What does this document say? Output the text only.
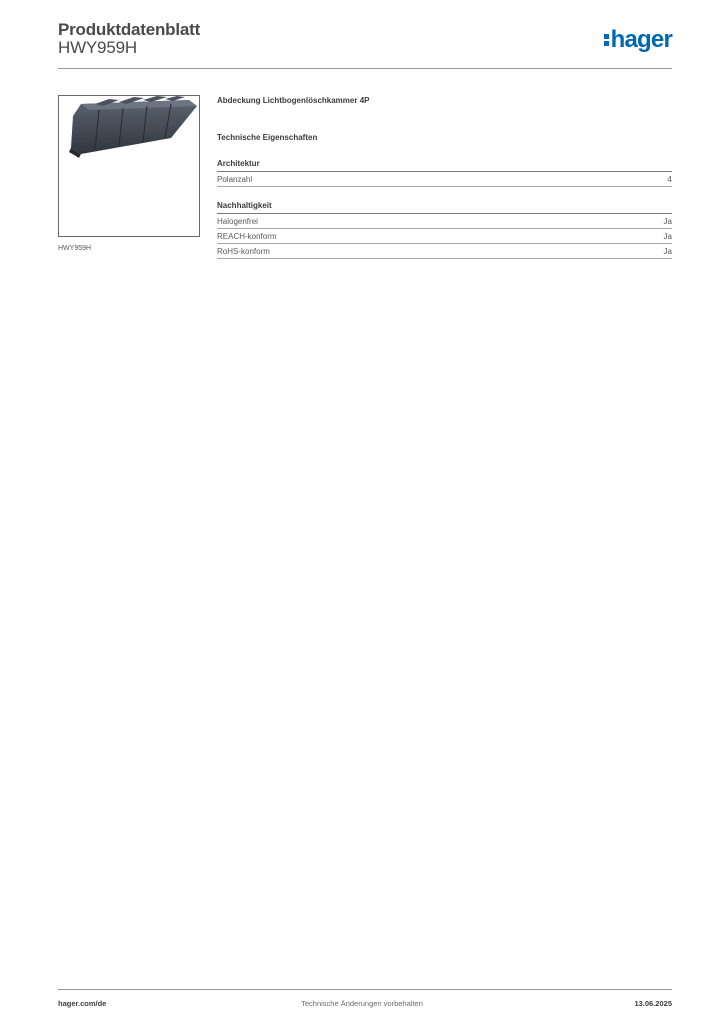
Produktdatenblatt
HWY959H	hager
HWY959H
Abdeckung Lichtbogenlöschkammer 4P
Technische Eigenschaften
Architektur
Polanzahl	4
Nachhaltigkeit
Halogenfrei	Ja
REACH-konform	Ja
RoHS-konform	Ja
hager.com/de	Technische Änderungen vorbehalten	13.06.2025
